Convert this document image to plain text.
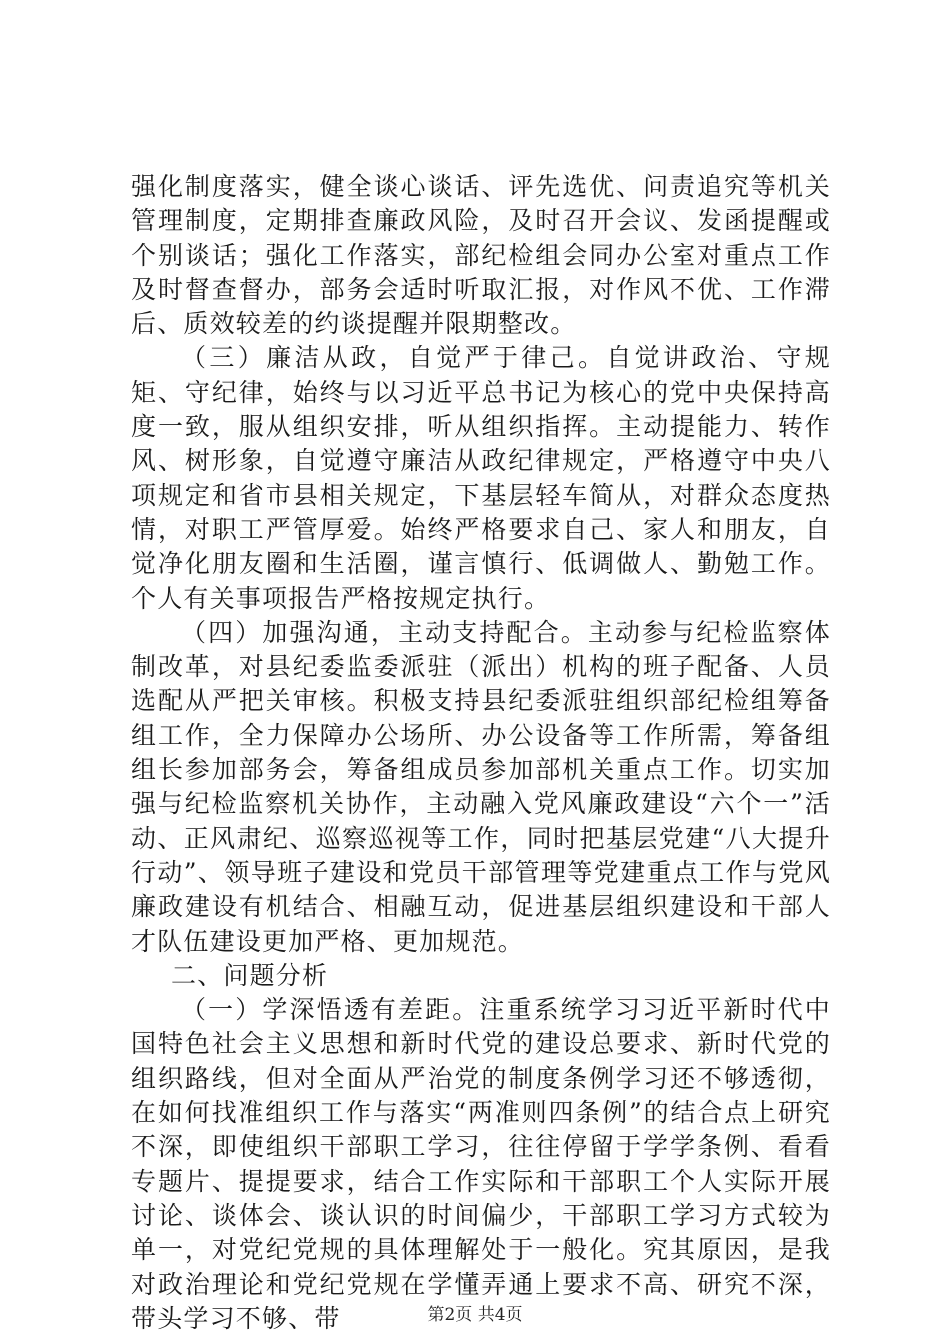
强化制度落实，健全谈心谈话、评先选优、问责追究等机关管理制度，定期排查廉政风险，及时召开会议、发函提醒或个别谈话；强化工作落实，部纪检组会同办公室对重点工作及时督查督办，部务会适时听取汇报，对作风不优、工作滞后、质效较差的约谈提醒并限期整改。

（三）廉洁从政，自觉严于律己。自觉讲政治、守规矩、守纪律，始终与以习近平总书记为核心的党中央保持高度一致，服从组织安排，听从组织指挥。主动提能力、转作风、树形象，自觉遵守廉洁从政纪律规定，严格遵守中央八项规定和省市县相关规定，下基层轻车简从，对群众态度热情，对职工严管厚爱。始终严格要求自己、家人和朋友，自觉净化朋友圈和生活圈，谨言慎行、低调做人、勤勉工作。个人有关事项报告严格按规定执行。

（四）加强沟通，主动支持配合。主动参与纪检监察体制改革，对县纪委监委派驻（派出）机构的班子配备、人员选配从严把关审核。积极支持县纪委派驻组织部纪检组筹备组工作，全力保障办公场所、办公设备等工作所需，筹备组组长参加部务会，筹备组成员参加部机关重点工作。切实加强与纪检监察机关协作，主动融入党风廉政建设“六个一”活动、正风肃纪、巡察巡视等工作，同时把基层党建“八大提升行动”、领导班子建设和党员干部管理等党建重点工作与党风廉政建设有机结合、相融互动，促进基层组织建设和干部人才队伍建设更加严格、更加规范。

二、问题分析

（一）学深悟透有差距。注重系统学习习近平新时代中国特色社会主义思想和新时代党的建设总要求、新时代党的组织路线，但对全面从严治党的制度条例学习还不够透彻，在如何找准组织工作与落实“两准则四条例”的结合点上研究不深，即使组织干部职工学习，往往停留于学学条例、看看专题片、提提要求，结合工作实际和干部职工个人实际开展讨论、谈体会、谈认识的时间偏少，干部职工学习方式较为单一，对党纪党规的具体理解处于一般化。究其原因，是我对政治理论和党纪党规在学懂弄通上要求不高、研究不深，带头学习不够、带	第2页 共4页
